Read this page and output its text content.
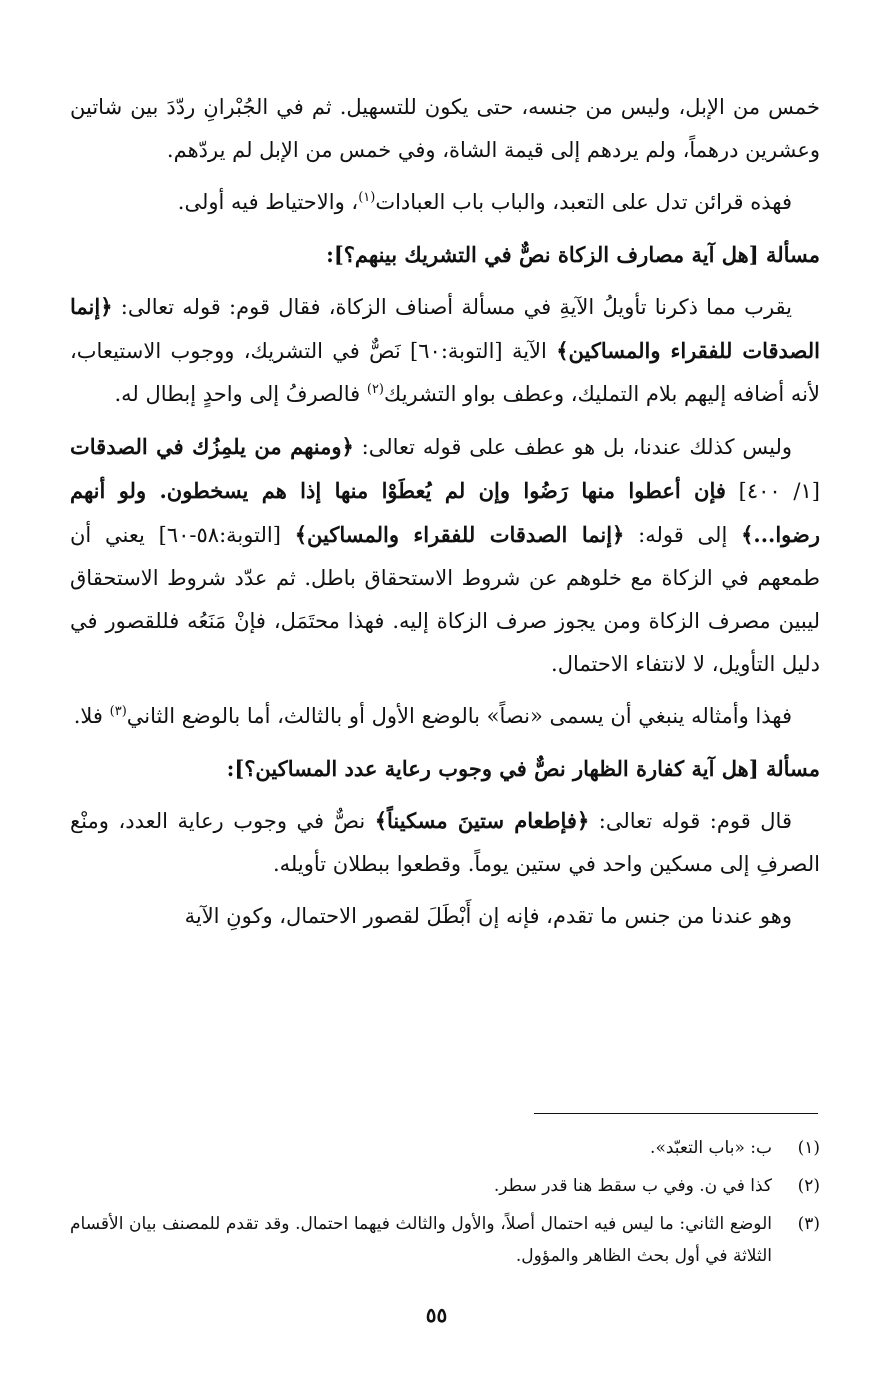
خمس من الإبل، وليس من جنسه، حتى يكون للتسهيل. ثم في الجُبْرانِ ردّدَ بين شاتين وعشرين درهماً، ولم يردهم إلى قيمة الشاة، وفي خمس من الإبل لم يردّهم.

فهذه قرائن تدل على التعبد، والباب باب العبادات$^{(١)}$، والاحتياط فيه أولى.

مسألة [هل آية مصارف الزكاة نصٌّ في التشريك بينهم؟]:

يقرب مما ذكرنا تأويلُ الآيةِ في مسألة أصناف الزكاة، فقال قوم: قوله تعالى: ﴿إنما الصدقات للفقراء والمساكين﴾ الآية [التوبة:٦٠] نَصٌّ في التشريك، ووجوب الاستيعاب، لأنه أضافه إليهم بلام التمليك، وعطف بواو التشريك$^{(٢)}$ فالصرفُ إلى واحدٍ إبطال له.

وليس كذلك عندنا، بل هو عطف على قوله تعالى: ﴿ومنهم من يلمِزُك في الصدقات [١/ ٤٠٠] فإن أعطوا منها رَضُوا وإن لم يُعطَوْا منها إذا هم يسخطون. ولو أنهم رضوا...﴾ إلى قوله: ﴿إنما الصدقات للفقراء والمساكين﴾ [التوبة:٥٨-٦٠] يعني أن طمعهم في الزكاة مع خلوهم عن شروط الاستحقاق باطل. ثم عدّد شروط الاستحقاق ليبين مصرف الزكاة ومن يجوز صرف الزكاة إليه. فهذا محتَمَل، فإنْ مَنَعُه فللقصور في دليل التأويل، لا لانتفاء الاحتمال.

فهذا وأمثاله ينبغي أن يسمى «نصاً» بالوضع الأول أو بالثالث، أما بالوضع الثاني$^{(٣)}$ فلا.

مسألة [هل آية كفارة الظهار نصٌّ في وجوب رعاية عدد المساكين؟]:

قال قوم: قوله تعالى: ﴿فإطعام ستينَ مسكيناً﴾ نصٌّ في وجوب رعاية العدد، ومنْع الصرفِ إلى مسكين واحد في ستين يوماً. وقطعوا ببطلان تأويله.

وهو عندنا من جنس ما تقدم، فإنه إن أَبْطَلَ لقصور الاحتمال، وكونِ الآية

(١)
ب: «باب التعبّد».
(٢)
كذا في ن. وفي ب سقط هنا قدر سطر.
(٣)
الوضع الثاني: ما ليس فيه احتمال أصلاً، والأول والثالث فيهما احتمال. وقد تقدم للمصنف بيان الأقسام الثلاثة في أول بحث الظاهر والمؤول.
٥٥
